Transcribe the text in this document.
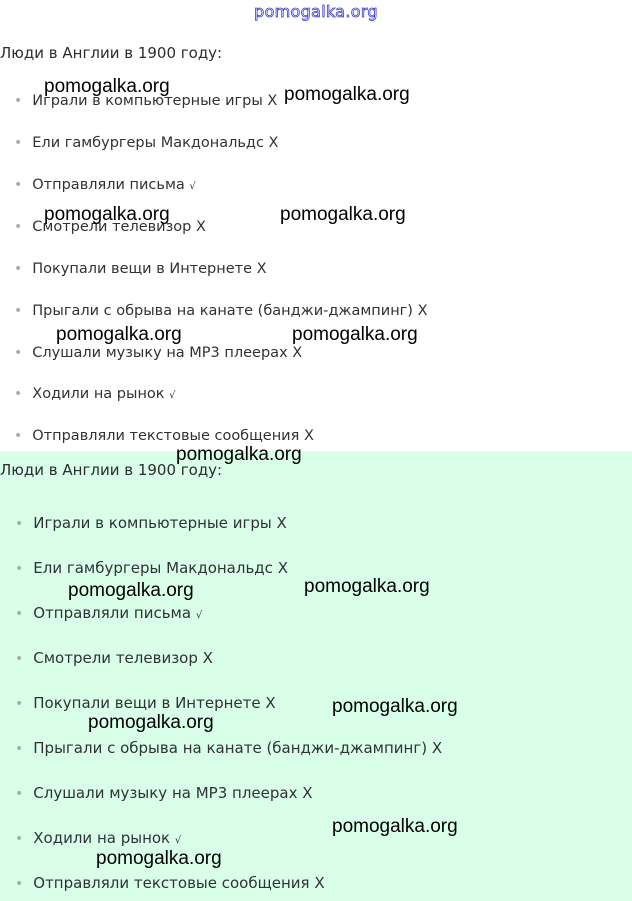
pomogalka.org

Люди в Англии в 1900 году:

• Играли в компьютерные игры X
• Ели гамбургеры Макдональдс X
• Отправляли письма √
• Смотрели телевизор X
• Покупали вещи в Интернете X
• Прыгали с обрыва на канате (банджи-джампинг) X
• Слушали музыку на MP3 плеерах X
• Ходили на рынок √
• Отправляли текстовые сообщения X

Люди в Англии в 1900 году:

• Играли в компьютерные игры X
• Ели гамбургеры Макдональдс X
• Отправляли письма √
• Смотрели телевизор X
• Покупали вещи в Интернете X
• Прыгали с обрыва на канате (банджи-джампинг) X
• Слушали музыку на MP3 плеерах X
• Ходили на рынок √
• Отправляли текстовые сообщения X
pomogalka.org	pomogalka.org
pomogalka.org	pomogalka.org
pomogalka.org	pomogalka.org
pomogalka.org
pomogalka.org	pomogalka.org
pomogalka.org
pomogalka.org
pomogalka.org
pomogalka.org
